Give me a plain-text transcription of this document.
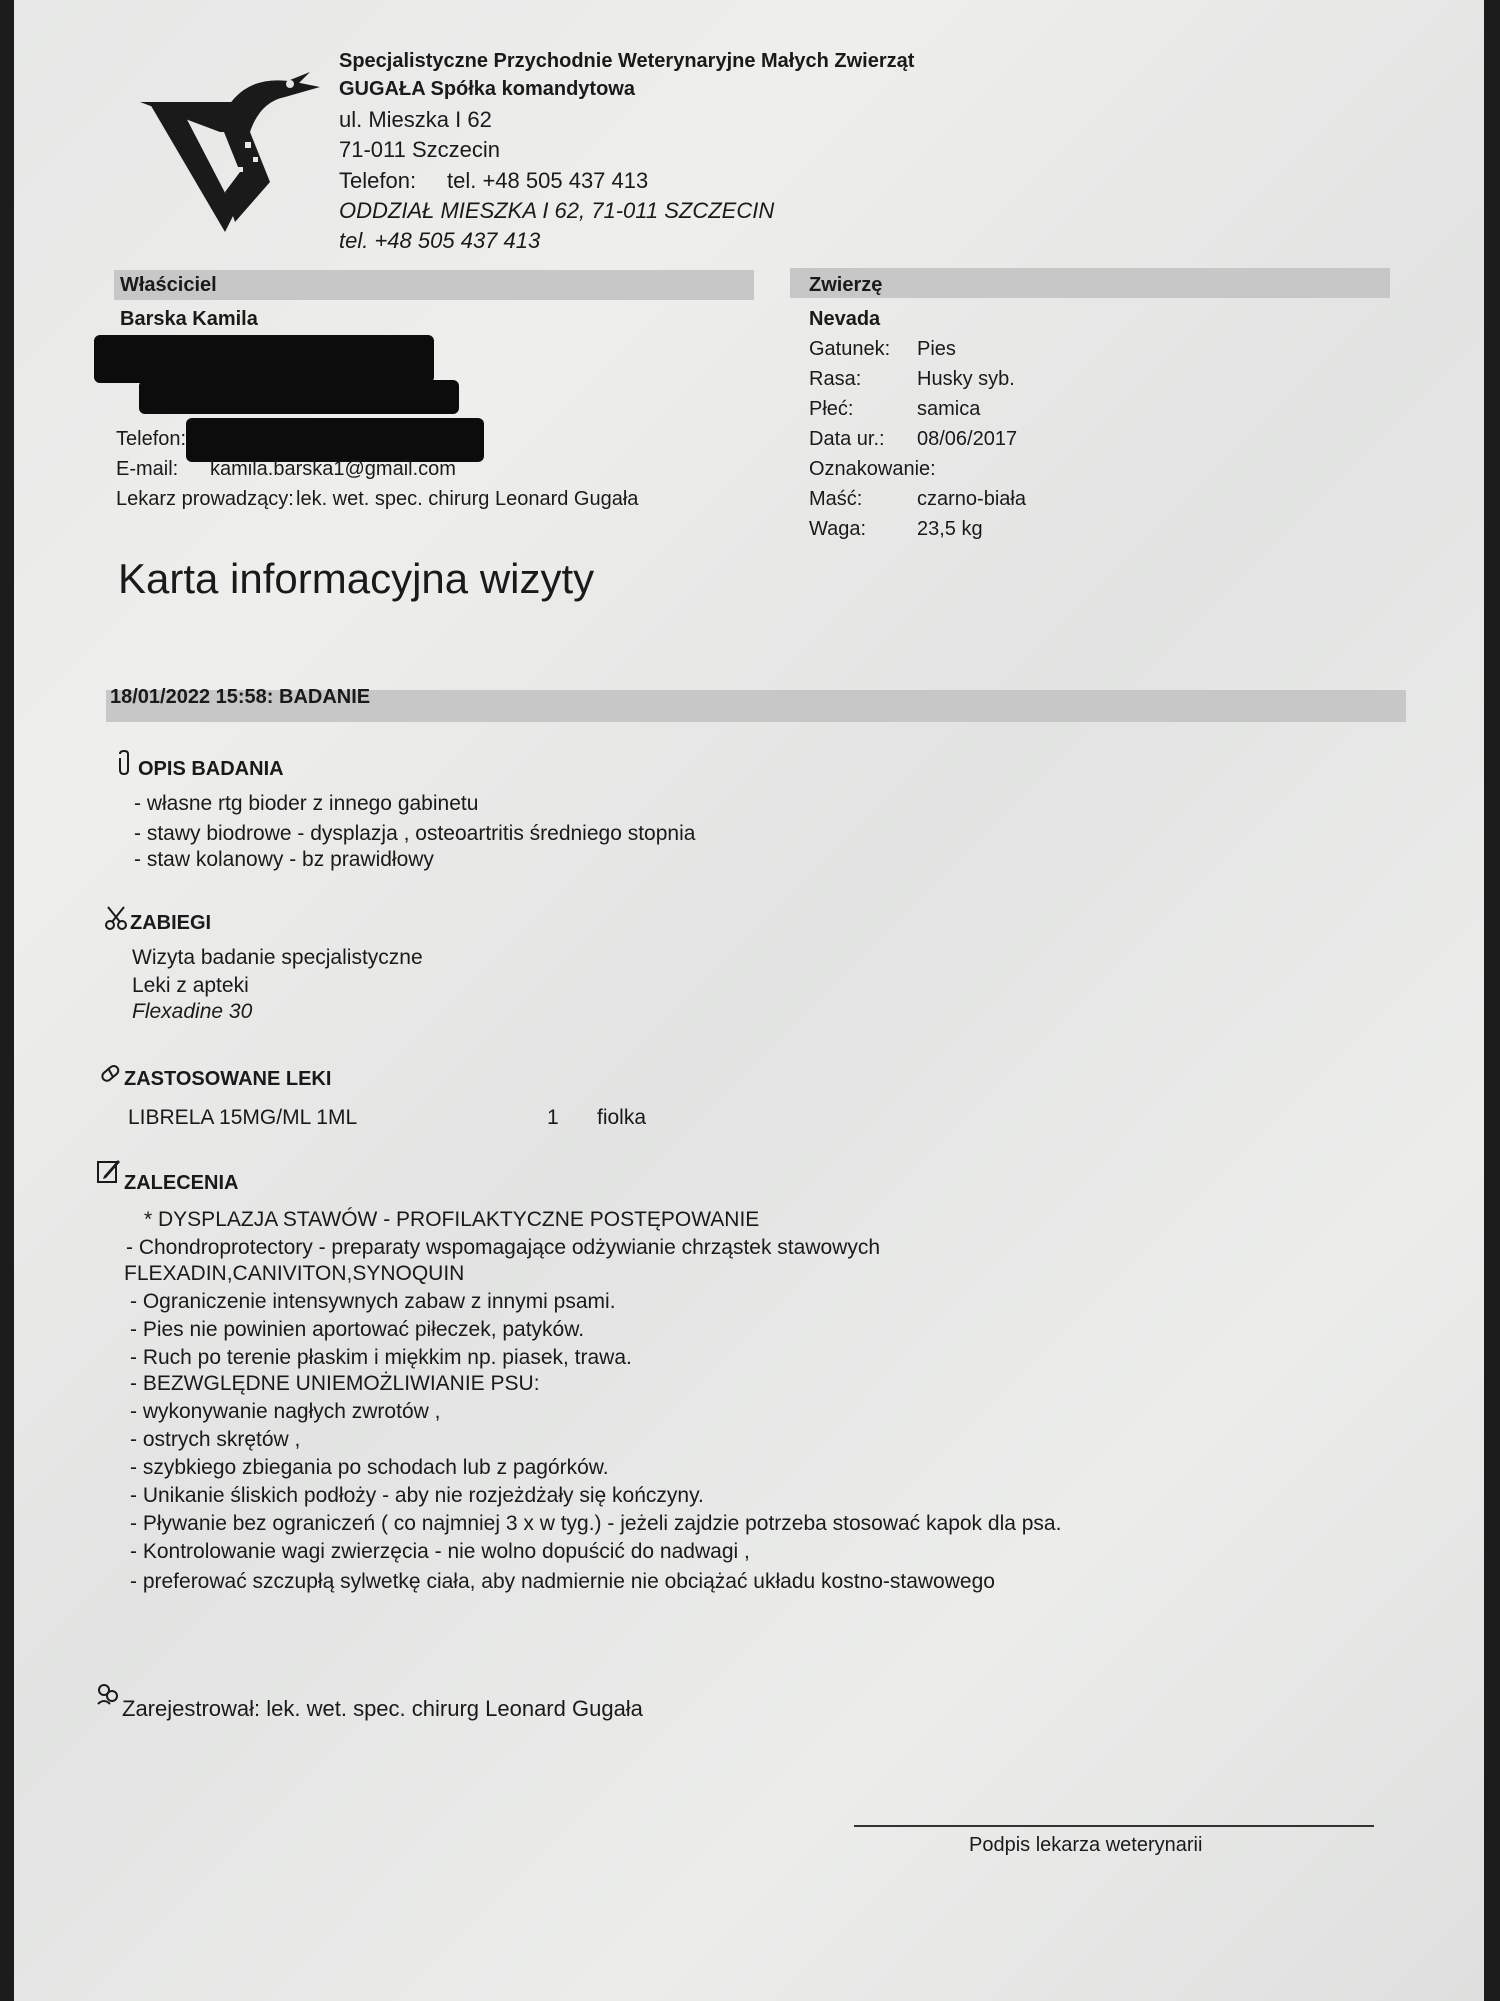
Specjalistyczne Przychodnie Weterynaryjne Małych Zwierząt
GUGAŁA Spółka komandytowa
ul. Mieszka I 62
71-011 Szczecin
Telefon: tel. +48 505 437 413
ODDZIAŁ MIESZKA I 62, 71-011 SZCZECIN
tel. +48 505 437 413
Właściciel
Barska Kamila
Telefon:
E-mail: kamila.barska1@gmail.com
Lekarz prowadzący: lek. wet. spec. chirurg Leonard Gugała
Zwierzę
Nevada
Gatunek: Pies
Rasa:	Husky syb.
Płeć:	samica
Data ur.: 08/06/2017
Oznakowanie:
Maść:	czarno-biała
Waga:	23,5 kg
Karta informacyjna wizyty
18/01/2022 15:58: BADANIE
OPIS BADANIA
- własne rtg bioder z innego gabinetu
- stawy biodrowe - dysplazja , osteoartritis średniego stopnia
- staw kolanowy - bz prawidłowy
ZABIEGI
Wizyta badanie specjalistyczne
Leki z apteki
Flexadine 30
ZASTOSOWANE LEKI
LIBRELA 15MG/ML 1ML	1 fiolka
ZALECENIA
* DYSPLAZJA STAWÓW - PROFILAKTYCZNE POSTĘPOWANIE
- Chondroprotectory - preparaty wspomagające odżywianie chrząstek stawowych
FLEXADIN,CANIVITON,SYNOQUIN
- Ograniczenie intensywnych zabaw z innymi psami.
- Pies nie powinien aportować piłeczek, patyków.
- Ruch po terenie płaskim i miękkim np. piasek, trawa.
- BEZWGLĘDNE UNIEMOŻLIWIANIE PSU:
- wykonywanie nagłych zwrotów ,
- ostrych skrętów ,
- szybkiego zbiegania po schodach lub z pagórków.
- Unikanie śliskich podłoży - aby nie rozjeżdżały się kończyny.
- Pływanie bez ograniczeń ( co najmniej 3 x w tyg.) - jeżeli zajdzie potrzeba stosować kapok dla psa.
- Kontrolowanie wagi zwierzęcia - nie wolno dopuścić do nadwagi ,
- preferować szczupłą sylwetkę ciała, aby nadmiernie nie obciążać układu kostno-stawowego
Zarejestrował: lek. wet. spec. chirurg Leonard Gugała
Podpis lekarza weterynarii
